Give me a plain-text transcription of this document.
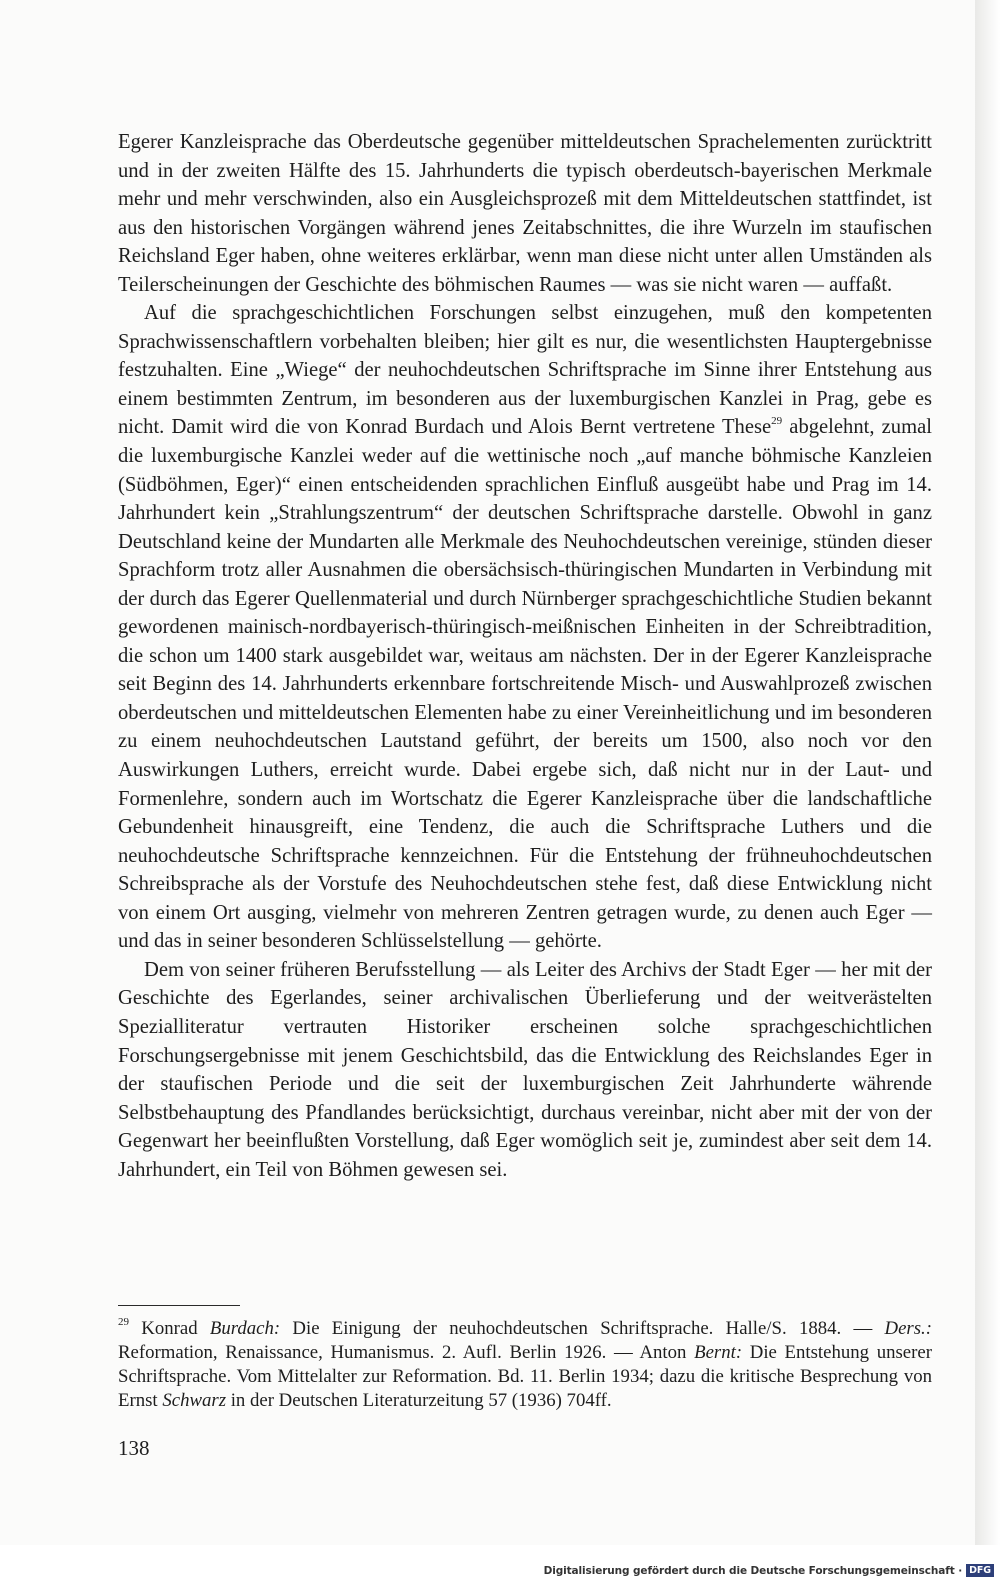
Egerer Kanzleisprache das Oberdeutsche gegenüber mitteldeutschen Sprachelementen zurücktritt und in der zweiten Hälfte des 15. Jahrhunderts die typisch oberdeutsch-bayerischen Merkmale mehr und mehr verschwinden, also ein Ausgleichsprozeß mit dem Mitteldeutschen stattfindet, ist aus den historischen Vorgängen während jenes Zeitabschnittes, die ihre Wurzeln im staufischen Reichsland Eger haben, ohne weiteres erklärbar, wenn man diese nicht unter allen Umständen als Teilerscheinungen der Geschichte des böhmischen Raumes — was sie nicht waren — auffaßt.

Auf die sprachgeschichtlichen Forschungen selbst einzugehen, muß den kompetenten Sprachwissenschaftlern vorbehalten bleiben; hier gilt es nur, die wesentlichsten Hauptergebnisse festzuhalten. Eine „Wiege“ der neuhochdeutschen Schriftsprache im Sinne ihrer Entstehung aus einem bestimmten Zentrum, im besonderen aus der luxemburgischen Kanzlei in Prag, gebe es nicht. Damit wird die von Konrad Burdach und Alois Bernt vertretene These$^{29}$ abgelehnt, zumal die luxemburgische Kanzlei weder auf die wettinische noch „auf manche böhmische Kanzleien (Südböhmen, Eger)“ einen entscheidenden sprachlichen Einfluß ausgeübt habe und Prag im 14. Jahrhundert kein „Strahlungszentrum“ der deutschen Schriftsprache darstelle. Obwohl in ganz Deutschland keine der Mundarten alle Merkmale des Neuhochdeutschen vereinige, stünden dieser Sprachform trotz aller Ausnahmen die obersächsisch-thüringischen Mundarten in Verbindung mit der durch das Egerer Quellenmaterial und durch Nürnberger sprachgeschichtliche Studien bekannt gewordenen mainisch-nordbayerisch-thüringisch-meißnischen Einheiten in der Schreibtradition, die schon um 1400 stark ausgebildet war, weitaus am nächsten. Der in der Egerer Kanzleisprache seit Beginn des 14. Jahrhunderts erkennbare fortschreitende Misch- und Auswahlprozeß zwischen oberdeutschen und mitteldeutschen Elementen habe zu einer Vereinheitlichung und im besonderen zu einem neuhochdeutschen Lautstand geführt, der bereits um 1500, also noch vor den Auswirkungen Luthers, erreicht wurde. Dabei ergebe sich, daß nicht nur in der Laut- und Formenlehre, sondern auch im Wortschatz die Egerer Kanzleisprache über die landschaftliche Gebundenheit hinausgreift, eine Tendenz, die auch die Schriftsprache Luthers und die neuhochdeutsche Schriftsprache kennzeichnen. Für die Entstehung der frühneuhochdeutschen Schreibsprache als der Vorstufe des Neuhochdeutschen stehe fest, daß diese Entwicklung nicht von einem Ort ausging, vielmehr von mehreren Zentren getragen wurde, zu denen auch Eger — und das in seiner besonderen Schlüsselstellung — gehörte.

Dem von seiner früheren Berufsstellung — als Leiter des Archivs der Stadt Eger — her mit der Geschichte des Egerlandes, seiner archivalischen Überlieferung und der weitverästelten Spezialliteratur vertrauten Historiker erscheinen solche sprachgeschichtlichen Forschungsergebnisse mit jenem Geschichtsbild, das die Entwicklung des Reichslandes Eger in der staufischen Periode und die seit der luxemburgischen Zeit Jahrhunderte währende Selbstbehauptung des Pfandlandes berücksichtigt, durchaus vereinbar, nicht aber mit der von der Gegenwart her beeinflußten Vorstellung, daß Eger womöglich seit je, zumindest aber seit dem 14. Jahrhundert, ein Teil von Böhmen gewesen sei.

$^{29}$ Konrad Burdach: Die Einigung der neuhochdeutschen Schriftsprache. Halle/S. 1884. — Ders.: Reformation, Renaissance, Humanismus. 2. Aufl. Berlin 1926. — Anton Bernt: Die Entstehung unserer Schriftsprache. Vom Mittelalter zur Reformation. Bd. 11. Berlin 1934; dazu die kritische Besprechung von Ernst Schwarz in der Deutschen Literaturzeitung 57 (1936) 704ff.

138
Digitalisierung gefördert durch die Deutsche Forschungsgemeinschaft · DFG
